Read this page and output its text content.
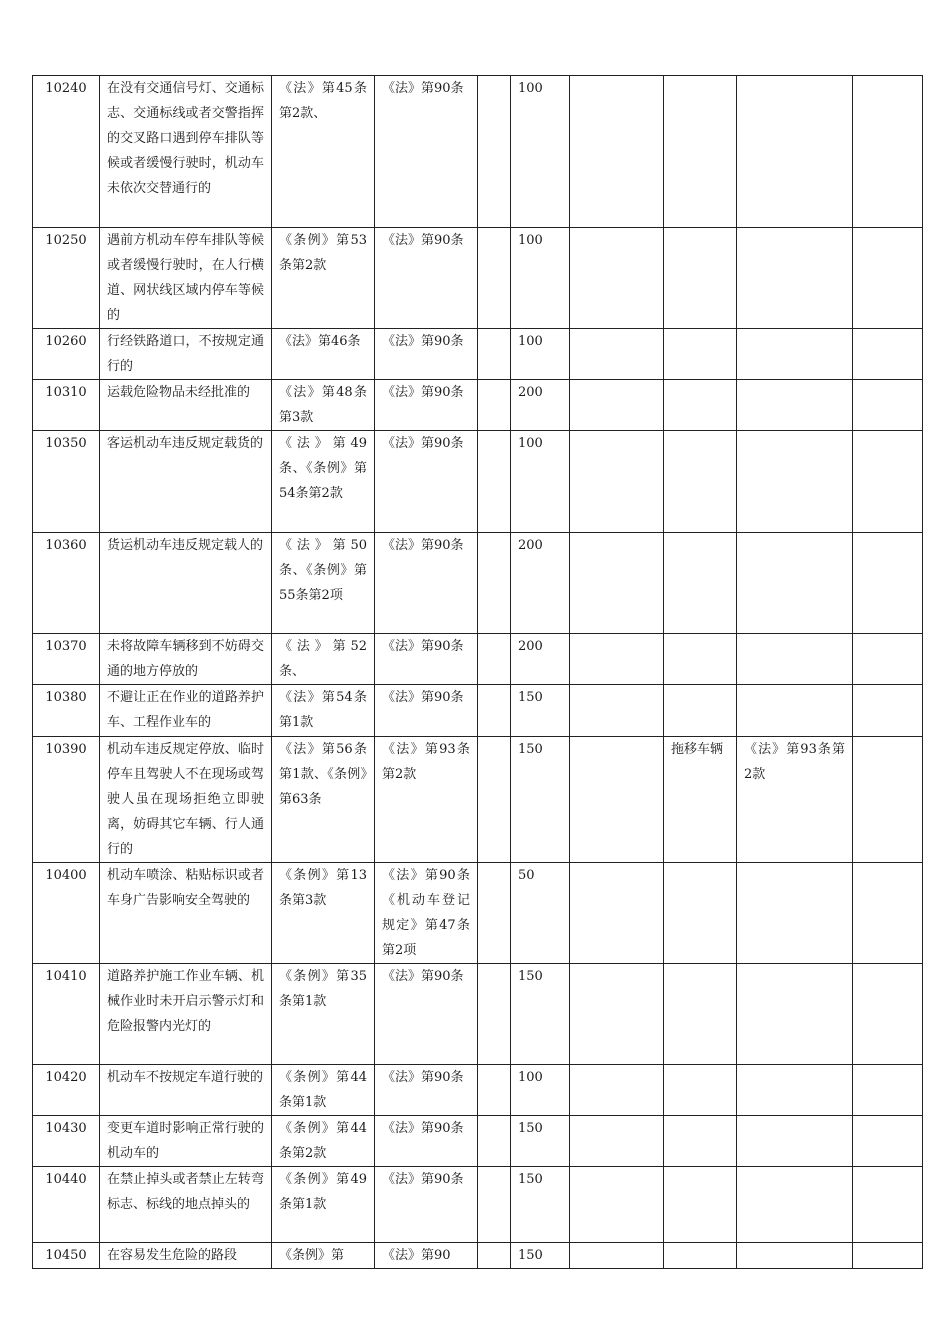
10240	在没有交通信号灯、交通标志、交通标线或者交警指挥的交叉路口遇到停车排队等候或者缓慢行驶时，机动车未依次交替通行的	《法》第45条第2款、	《法》第90条		100				
10250	遇前方机动车停车排队等候或者缓慢行驶时，在人行横道、网状线区域内停车等候的	《条例》第53条第2款	《法》第90条		100				
10260	行经铁路道口，不按规定通行的	《法》第46条	《法》第90条		100				
10310	运载危险物品未经批准的	《法》第48条第3款	《法》第90条		200				
10350	客运机动车违反规定载货的	《法》第49条、《条例》第54条第2款	《法》第90条		100				
10360	货运机动车违反规定载人的	《法》第50条、《条例》第55条第2项	《法》第90条		200				
10370	未将故障车辆移到不妨碍交通的地方停放的	《法》第52条、	《法》第90条		200				
10380	不避让正在作业的道路养护车、工程作业车的	《法》第54条第1款	《法》第90条		150				
10390	机动车违反规定停放、临时停车且驾驶人不在现场或驾驶人虽在现场拒绝立即驶离，妨碍其它车辆、行人通行的	《法》第56条第1款、《条例》第63条	《法》第93条第2款		150		拖移车辆	《法》第93条第2款	
10400	机动车喷涂、粘贴标识或者车身广告影响安全驾驶的	《条例》第13条第3款	《法》第90条《机动车登记规定》第47条第2项		50				
10410	道路养护施工作业车辆、机械作业时未开启示警示灯和危险报警内光灯的	《条例》第35条第1款	《法》第90条		150				
10420	机动车不按规定车道行驶的	《条例》第44条第1款	《法》第90条		100				
10430	变更车道时影响正常行驶的机动车的	《条例》第44条第2款	《法》第90条		150				
10440	在禁止掉头或者禁止左转弯标志、标线的地点掉头的	《条例》第49条第1款	《法》第90条		150				
10450	在容易发生危险的路段	《条例》第	《法》第90		150				
